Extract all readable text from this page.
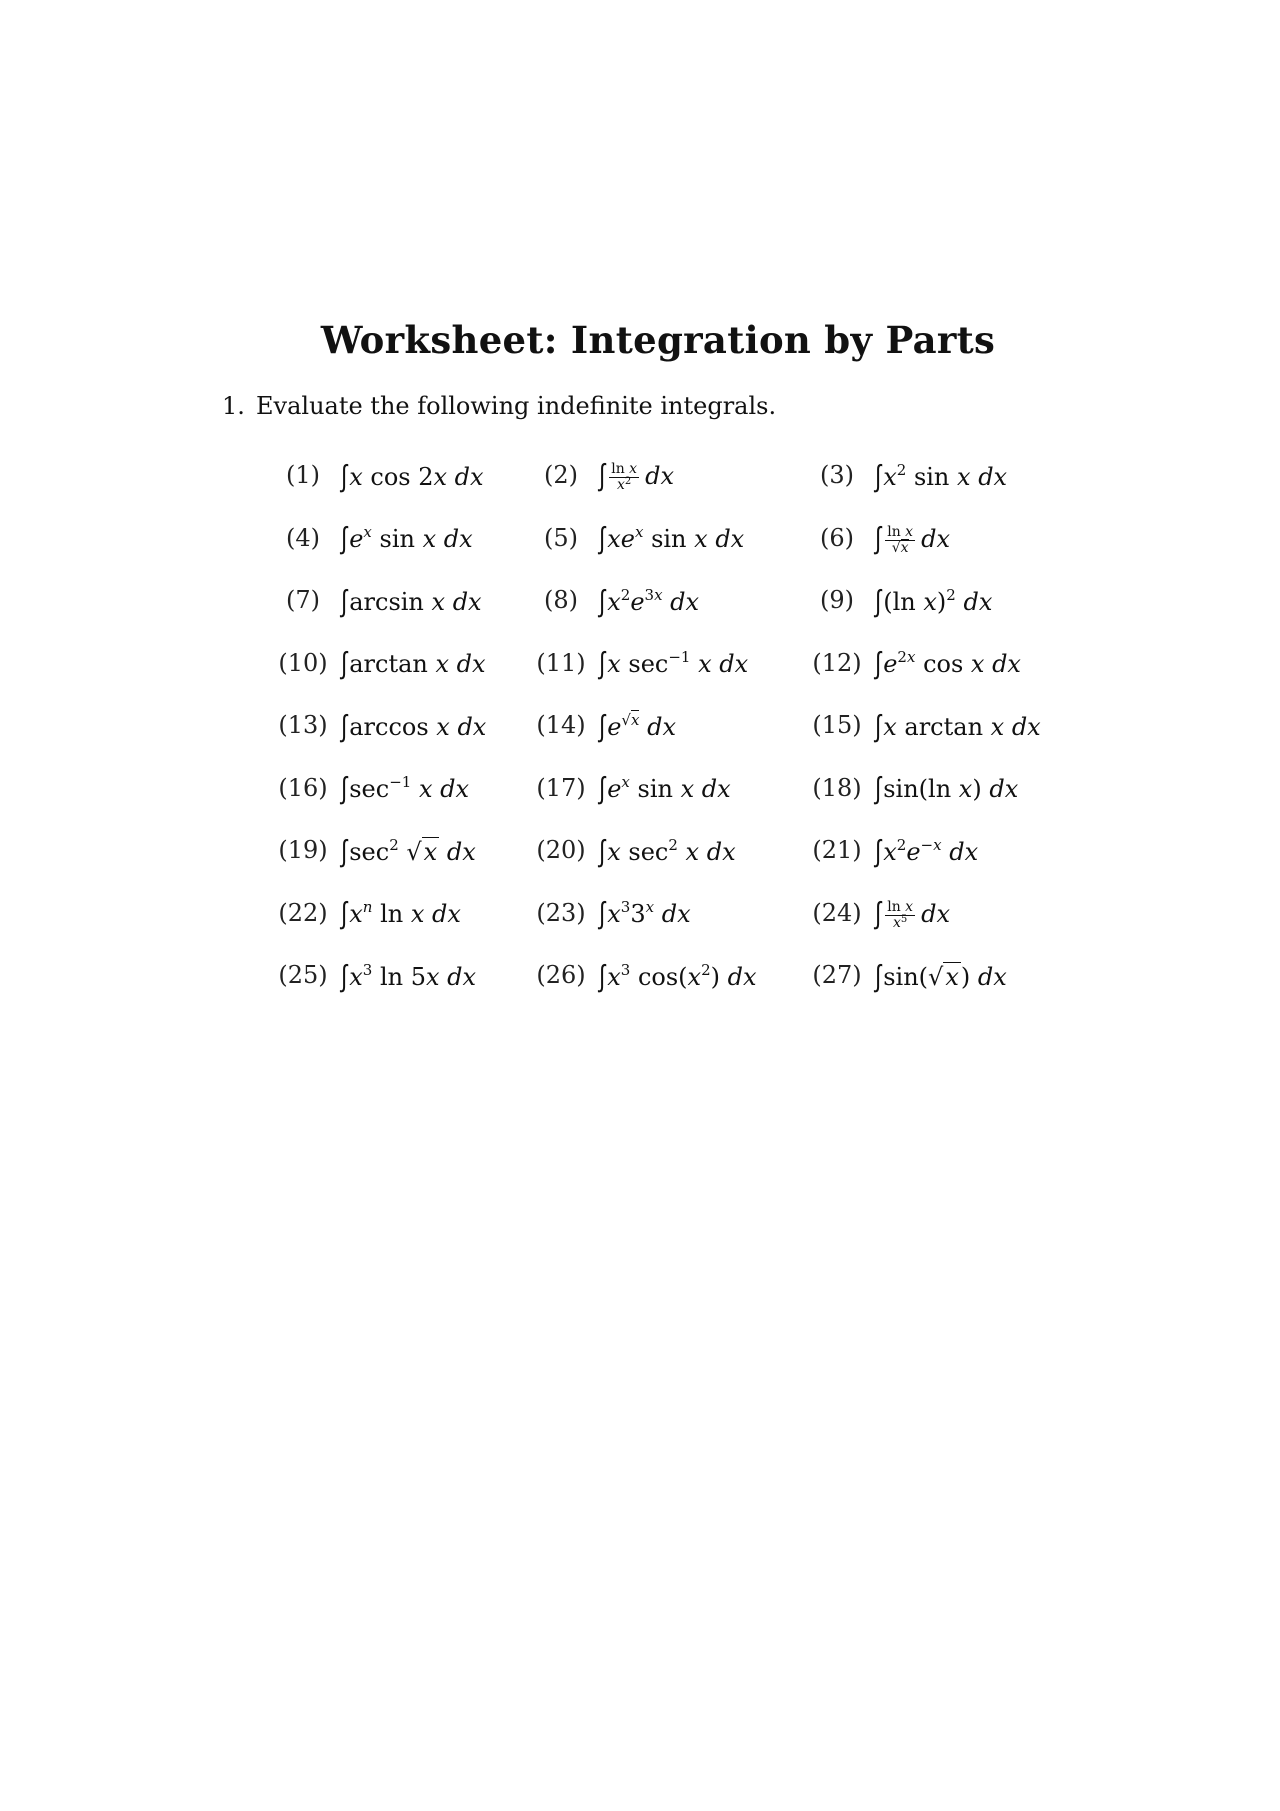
Worksheet: Integration by Parts
1. Evaluate the following indefinite integrals.
(1) ∫x cos 2x dx	(2) ∫ $\frac{\text{ln x}}{x^2}$ dx	(3) $\int x^2$ sin x dx
(4) $\int e^x$ sin x dx	(5) $\int xe^x$ sin x dx	(6) ∫ $\frac{\text{ln x}}{√x}$ dx
(7) ∫arcsin x dx	(8) $\int x^2e^{3x}$ dx	(9) ∫(ln x)$^2$ dx
(10) ∫arctan x dx	(11) ∫x $\sec^{-1} x$ dx	(12) $\int e^{2x}$ cos x dx
(13) ∫arccos x dx	(14) $\int e^{√x}$ dx	(15) ∫x arctan x dx
(16) $\int\sec^{-1}$ x dx	(17) $\int e^x$ sin x dx	(18) ∫sin(ln x) dx
(19) $\int\sec^2$ √x dx	(20) ∫x $\sec^2 x$ dx	(21) $\int x^2e^{-x}$ dx
(22) $\int x^n$ ln x dx	(23) $\int x^33^x$ dx	(24) ∫ $\frac{\text{ln x}}{x^5}$ dx
(25) $\int x^3$ ln 5x dx	(26) $\int x^3$ $\cos(x^2)$ dx	(27) ∫sin(√x) dx
